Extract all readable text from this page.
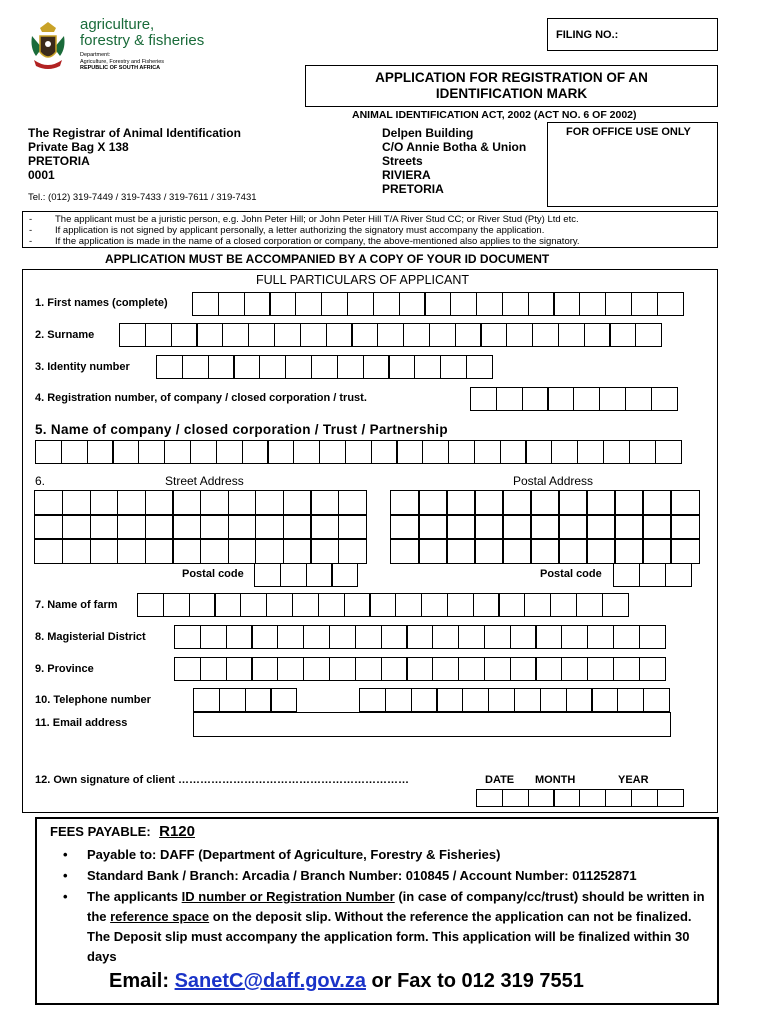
agriculture,
forestry & fisheries
Department:
Agriculture, Forestry and Fisheries
REPUBLIC OF SOUTH AFRICA
FILING NO.:
APPLICATION FOR REGISTRATION OF AN IDENTIFICATION MARK
ANIMAL IDENTIFICATION ACT, 2002 (ACT NO. 6 OF 2002)
The Registrar of Animal Identification
Private Bag X 138
PRETORIA
0001
Tel.: (012) 319-7449 / 319-7433 / 319-7611 / 319-7431
Delpen Building
C/O Annie Botha & Union
Streets
RIVIERA
PRETORIA
FOR OFFICE USE ONLY
- The applicant must be a juristic person, e.g. John Peter Hill; or John Peter Hill T/A River Stud CC; or River Stud (Pty) Ltd etc.
- If application is not signed by applicant personally, a letter authorizing the signatory must accompany the application.
- If the application is made in the name of a closed corporation or company, the above-mentioned also applies to the signatory.
APPLICATION MUST BE ACCOMPANIED BY A COPY OF YOUR ID DOCUMENT
FULL PARTICULARS OF APPLICANT
1. First names (complete)
2. Surname
3. Identity number
4. Registration number, of company / closed corporation / trust.
5. Name of company / closed corporation / Trust / Partnership
6.	Street Address	Postal Address
Postal code	Postal code
7. Name of farm
8. Magisterial District
9. Province
10. Telephone number
11. Email address
12. Own signature of client ………………………………………………………	DATE MONTH	YEAR
FEES PAYABLE: R120
• Payable to: DAFF (Department of Agriculture, Forestry & Fisheries)
• Standard Bank / Branch: Arcadia / Branch Number: 010845 / Account Number: 011252871
• The applicants ID number or Registration Number (in case of company/cc/trust) should be written in the reference space on the deposit slip. Without the reference the application can not be finalized. The Deposit slip must accompany the application form. This application will be finalized within 30 days
Email: SanetC@daff.gov.za or Fax to 012 319 7551
